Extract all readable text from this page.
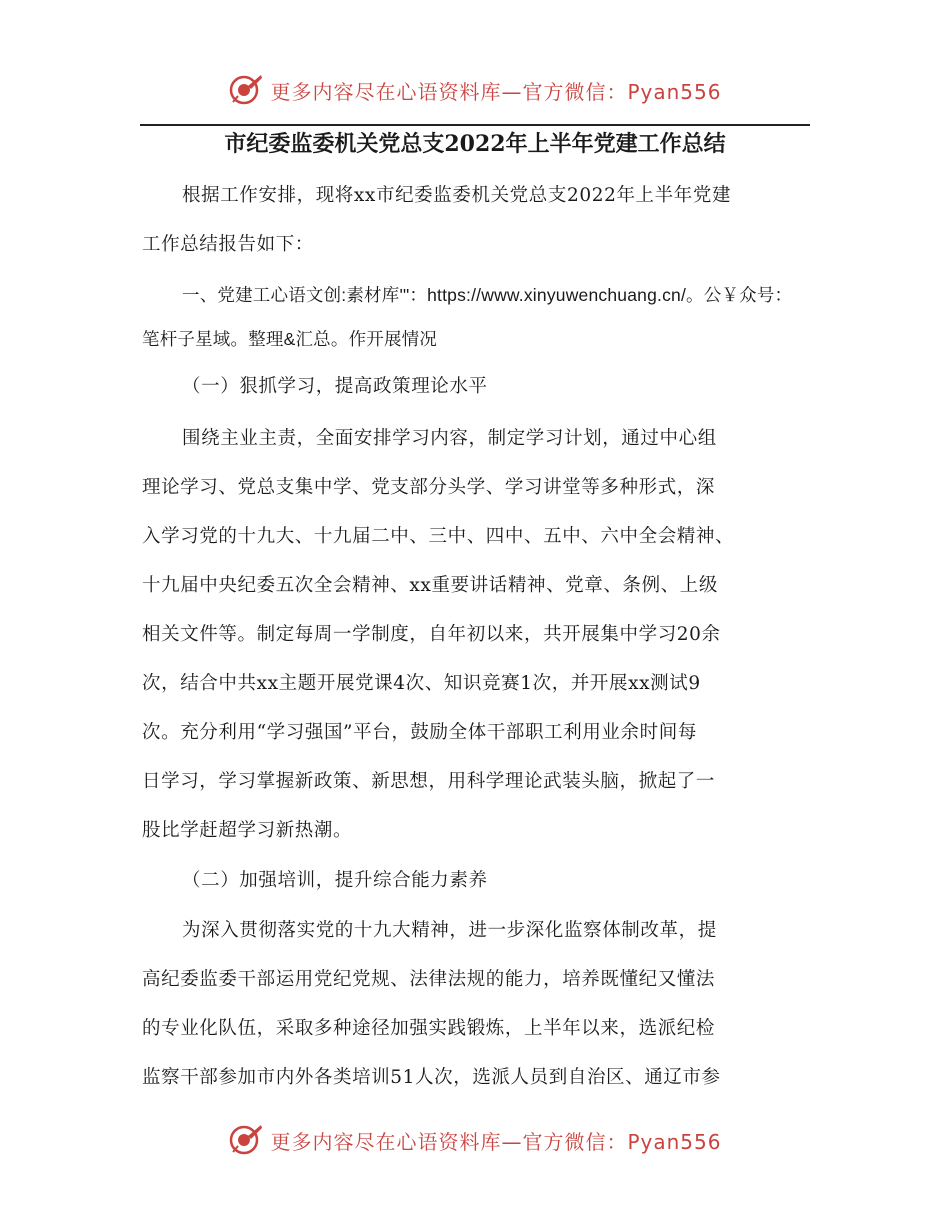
更多内容尽在心语资料库—官方微信：Pyan556
市纪委监委机关党总支2022年上半年党建工作总结
根据工作安排，现将xx市纪委监委机关党总支2022年上半年党建
工作总结报告如下：
一、党建工心语文创:素材库'"：https://www.xinyuwenchuang.cn/。公￥众号：
笔杆子星域。整理&汇总。作开展情况
（一）狠抓学习，提高政策理论水平
围绕主业主责，全面安排学习内容，制定学习计划，通过中心组
理论学习、党总支集中学、党支部分头学、学习讲堂等多种形式，深
入学习党的十九大、十九届二中、三中、四中、五中、六中全会精神、
十九届中央纪委五次全会精神、xx重要讲话精神、党章、条例、上级
相关文件等。制定每周一学制度，自年初以来，共开展集中学习20余
次，结合中共xx主题开展党课4次、知识竞赛1次，并开展xx测试9
次。充分利用“学习强国”平台，鼓励全体干部职工利用业余时间每
日学习，学习掌握新政策、新思想，用科学理论武装头脑，掀起了一
股比学赶超学习新热潮。
（二）加强培训，提升综合能力素养
为深入贯彻落实党的十九大精神，进一步深化监察体制改革，提
高纪委监委干部运用党纪党规、法律法规的能力，培养既懂纪又懂法
的专业化队伍，采取多种途径加强实践锻炼，上半年以来，选派纪检
监察干部参加市内外各类培训51人次，选派人员到自治区、通辽市参
更多内容尽在心语资料库—官方微信：Pyan556
